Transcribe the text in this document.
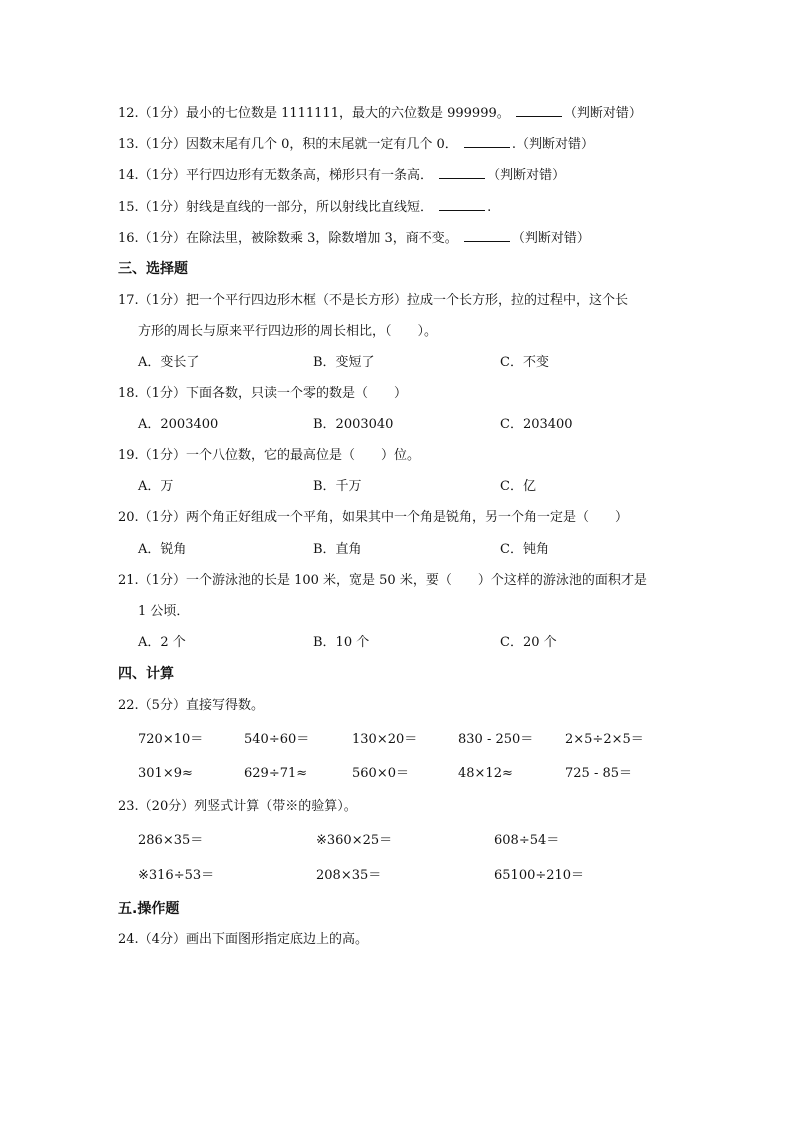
12.（1分）最小的七位数是 1111111，最大的六位数是 999999。	（判断对错）
13.（1分）因数末尾有几个 0，积的末尾就一定有几个 0．	.（判断对错）
14.（1分）平行四边形有无数条高，梯形只有一条高．	（判断对错）
15.（1分）射线是直线的一部分，所以射线比直线短．	.
16.（1分）在除法里，被除数乘 3，除数增加 3，商不变。	（判断对错）
三、选择题
17.（1分）把一个平行四边形木框（不是长方形）拉成一个长方形，拉的过程中，这个长
方形的周长与原来平行四边形的周长相比，（　　）。
A．变长了	B．变短了	C．不变
18.（1分）下面各数，只读一个零的数是（　　）
A．2003400	B．2003040	C．203400
19.（1分）一个八位数，它的最高位是（　　）位。
A．万	B．千万	C．亿
20.（1分）两个角正好组成一个平角，如果其中一个角是锐角，另一个角一定是（　　）
A．锐角	B．直角	C．钝角
21.（1分）一个游泳池的长是 100 米，宽是 50 米，要（　　）个这样的游泳池的面积才是
1 公顷．
A．2 个	B．10 个	C．20 个
四、计算
22.（5分）直接写得数。
720×10＝	540÷60＝	130×20＝	830 - 250＝ 2×5÷2×5＝
301×9≈	629÷71≈	560×0＝	48×12≈	725 - 85＝
23.（20分）列竖式计算（带※的验算）。
286×35＝	※360×25＝	608÷54＝
※316÷53＝	208×35＝	65100÷210＝
五.操作题
24.（4分）画出下面图形指定底边上的高。
